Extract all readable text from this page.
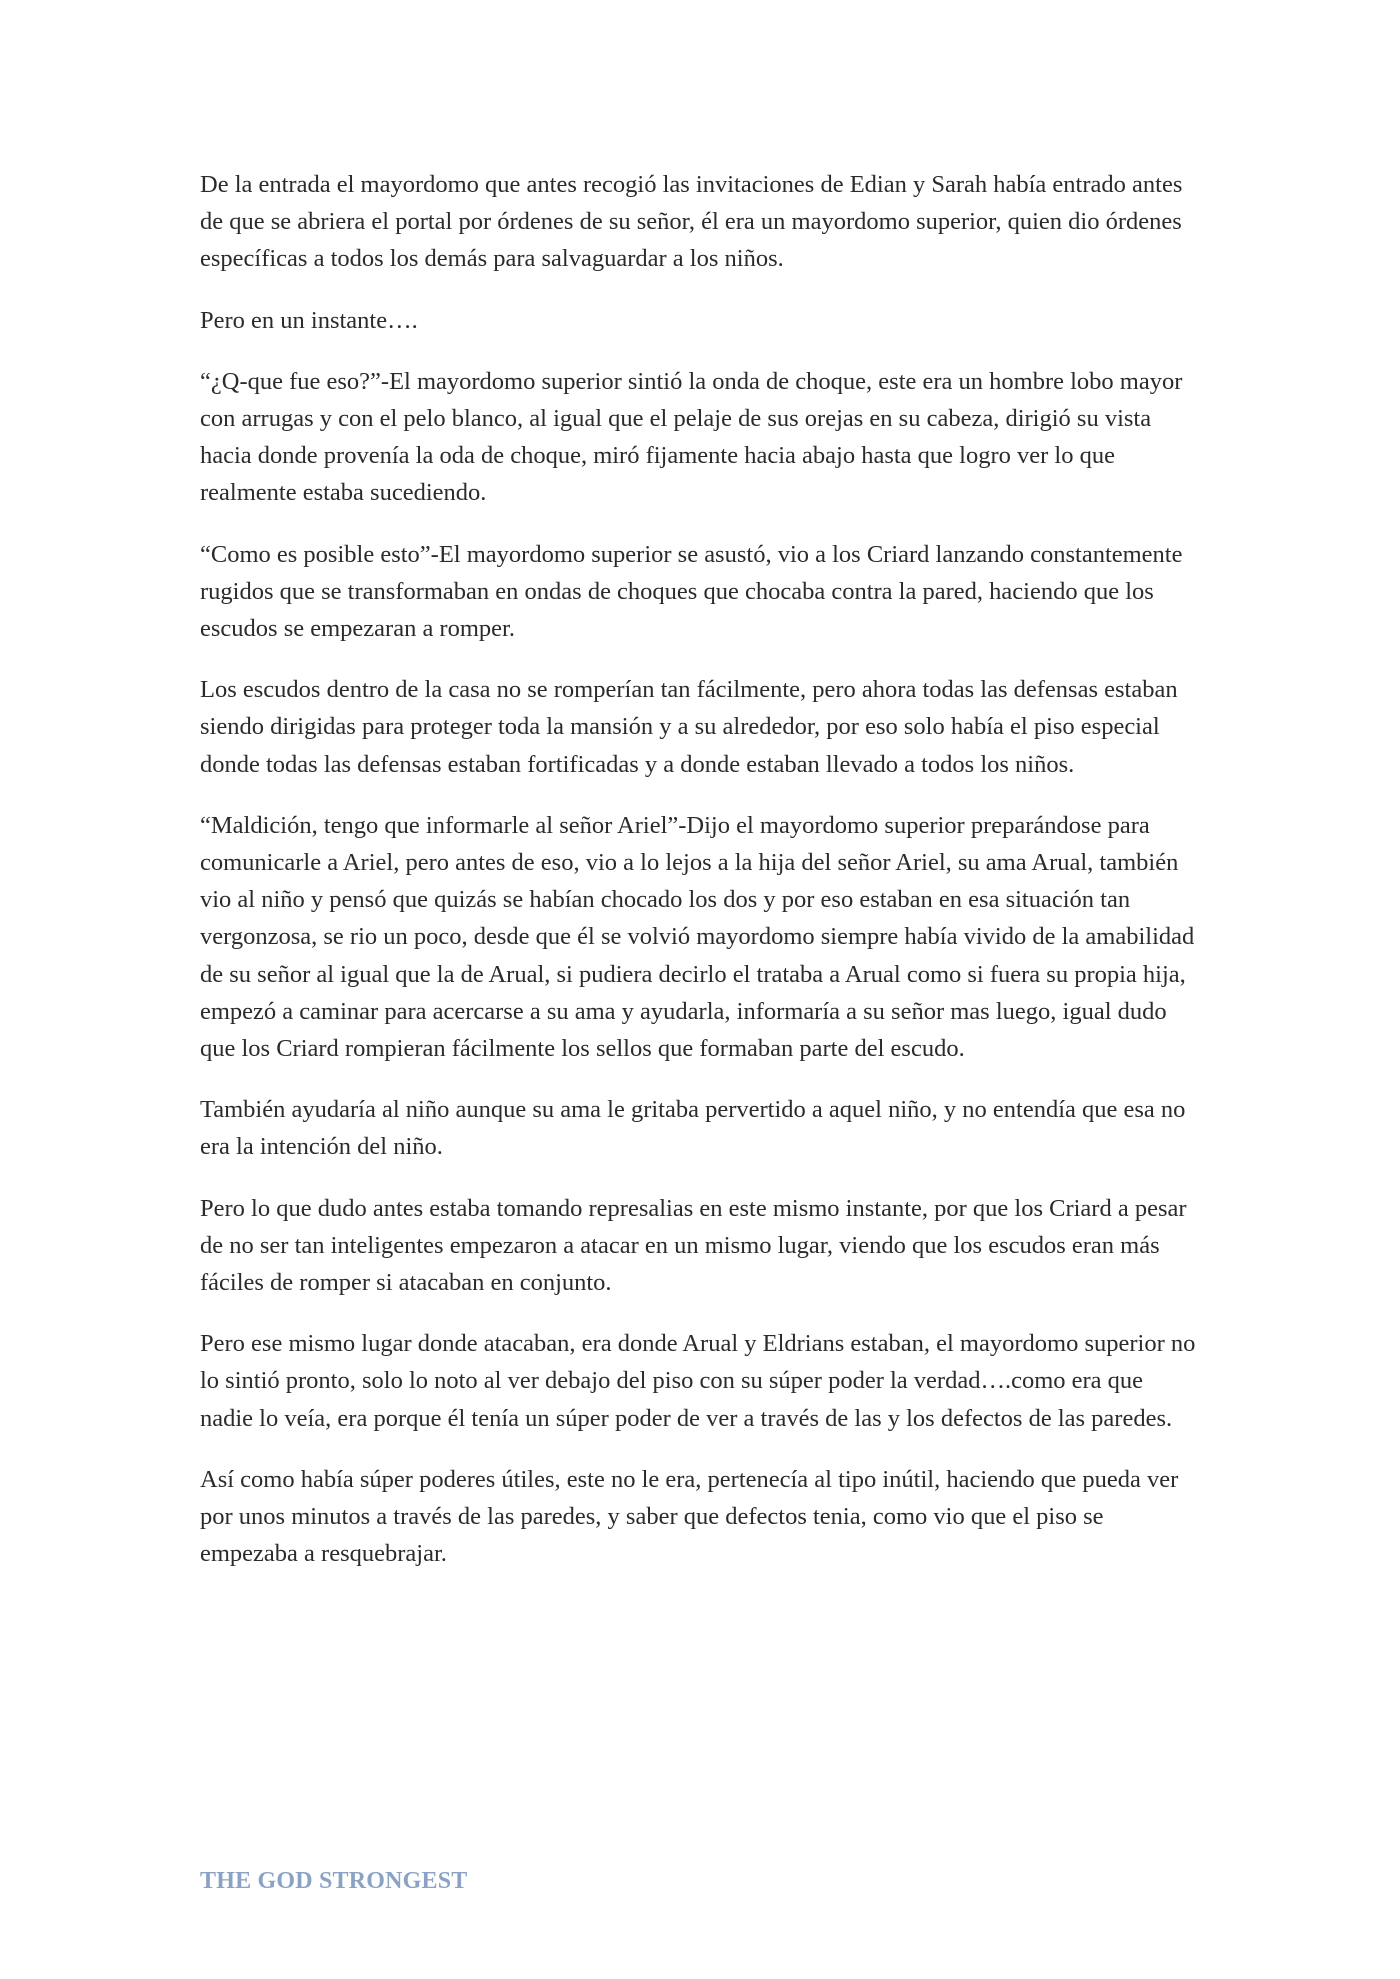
De la entrada el mayordomo que antes recogió las invitaciones de Edian y Sarah había entrado antes de que se abriera el portal por órdenes de su señor, él era un mayordomo superior, quien dio órdenes específicas a todos los demás para salvaguardar a los niños.

Pero en un instante….

“¿Q-que fue eso?”-El mayordomo superior sintió la onda de choque, este era un hombre lobo mayor con arrugas y con el pelo blanco, al igual que el pelaje de sus orejas en su cabeza, dirigió su vista hacia donde provenía la oda de choque, miró fijamente hacia abajo hasta que logro ver lo que realmente estaba sucediendo.

“Como es posible esto”-El mayordomo superior se asustó, vio a los Criard lanzando constantemente rugidos que se transformaban en ondas de choques que chocaba contra la pared, haciendo que los escudos se empezaran a romper.

Los escudos dentro de la casa no se romperían tan fácilmente, pero ahora todas las defensas estaban siendo dirigidas para proteger toda la mansión y a su alrededor, por eso solo había el piso especial donde todas las defensas estaban fortificadas y a donde estaban llevado a todos los niños.

“Maldición, tengo que informarle al señor Ariel”-Dijo el mayordomo superior preparándose para comunicarle a Ariel, pero antes de eso, vio a lo lejos a la hija del señor Ariel, su ama Arual, también vio al niño y pensó que quizás se habían chocado los dos y por eso estaban en esa situación tan vergonzosa, se rio un poco, desde que él se volvió mayordomo siempre había vivido de la amabilidad de su señor al igual que la de Arual, si pudiera decirlo el trataba a Arual como si fuera su propia hija, empezó a caminar para acercarse a su ama y ayudarla, informaría a su señor mas luego, igual dudo que los Criard rompieran fácilmente los sellos que formaban parte del escudo.

También ayudaría al niño aunque su ama le gritaba pervertido a aquel niño, y no entendía que esa no era la intención del niño.

Pero lo que dudo antes estaba tomando represalias en este mismo instante, por que los Criard a pesar de no ser tan inteligentes empezaron a atacar en un mismo lugar, viendo que los escudos eran más fáciles de romper si atacaban en conjunto.

Pero ese mismo lugar donde atacaban, era donde Arual y Eldrians estaban, el mayordomo superior no lo sintió pronto, solo lo noto al ver debajo del piso con su súper poder la verdad….como era que nadie lo veía, era porque él tenía un súper poder de ver a través de las y los defectos de las paredes.

Así como había súper poderes útiles, este no le era, pertenecía al tipo inútil, haciendo que pueda ver por unos minutos a través de las paredes, y saber que defectos tenia, como vio que el piso se empezaba a resquebrajar.

THE GOD STRONGEST
